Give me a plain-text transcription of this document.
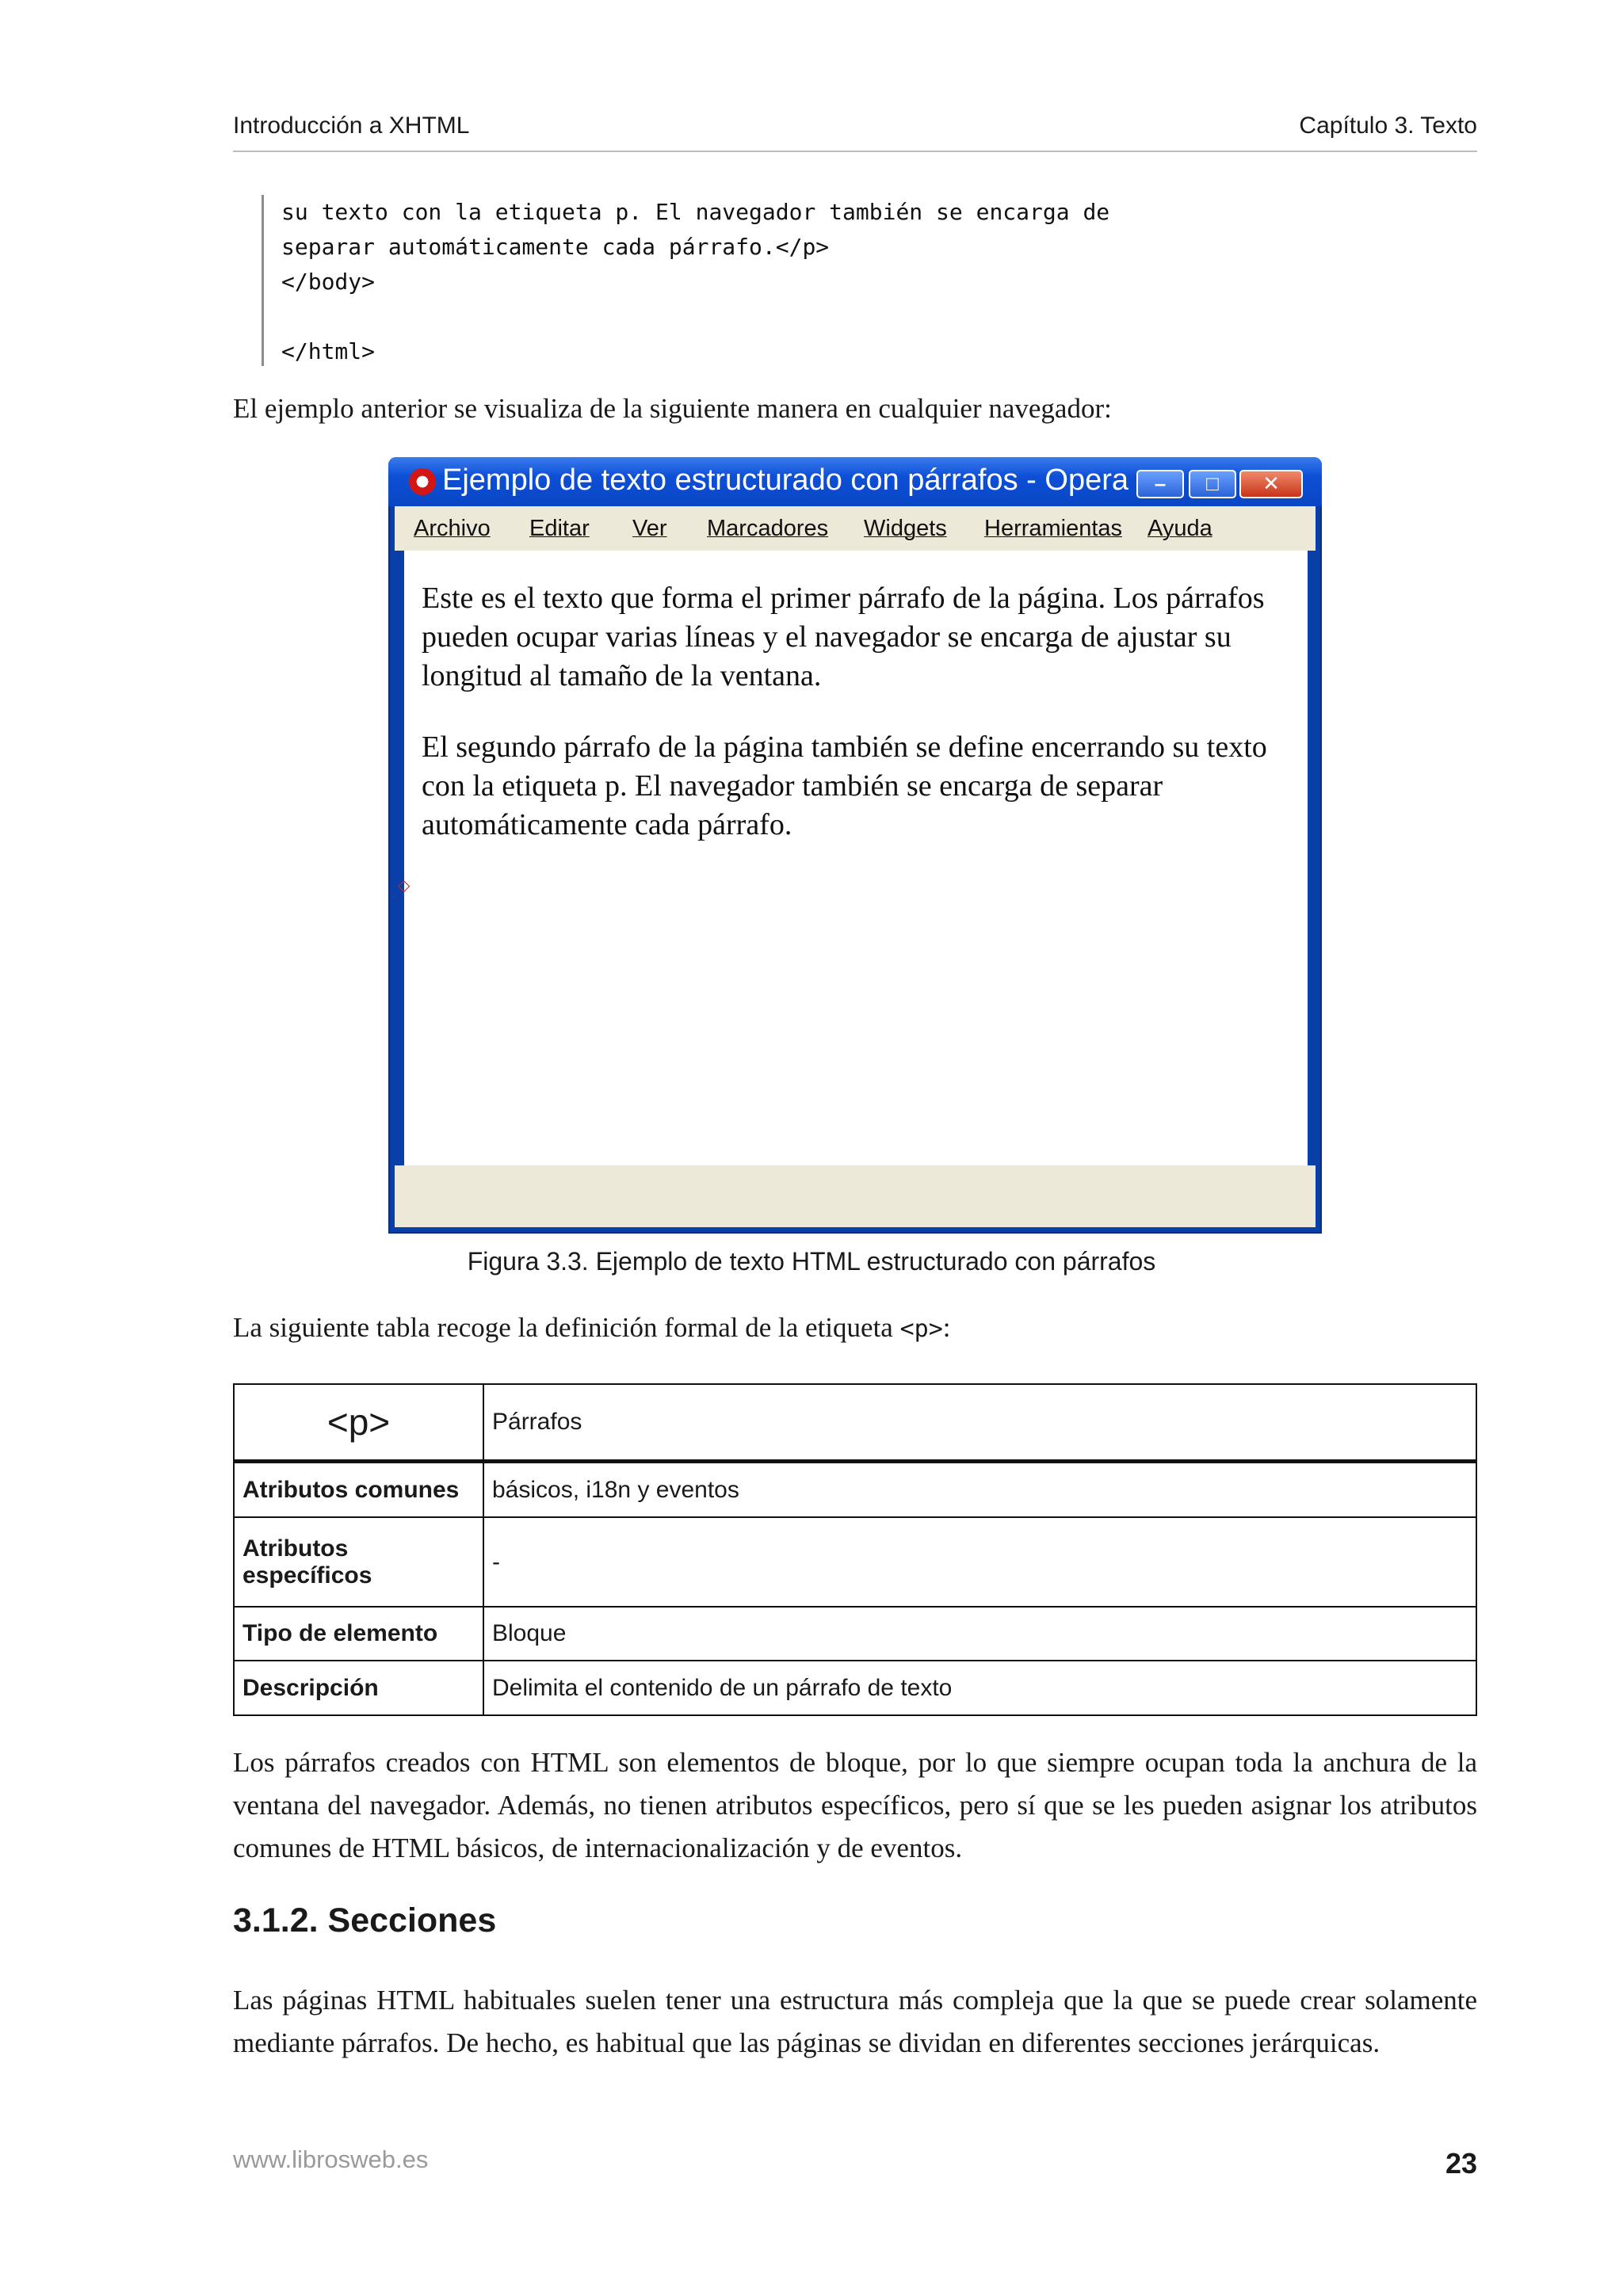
Introducción a XHTML	Capítulo 3. Texto
su texto con la etiqueta p. El navegador también se encarga de
separar automáticamente cada párrafo.</p>
</body>

</html>
El ejemplo anterior se visualiza de la siguiente manera en cualquier navegador:
Ejemplo de texto estructurado con párrafos - Opera	–	□	✕
Archivo Editar Ver Marcadores Widgets Herramientas Ayuda
◇
Este es el texto que forma el primer párrafo de la página. Los párrafos pueden ocupar varias líneas y el navegador se encarga de ajustar su longitud al tamaño de la ventana.
El segundo párrafo de la página también se define encerrando su texto con la etiqueta p. El navegador también se encarga de separar automáticamente cada párrafo.
Figura 3.3. Ejemplo de texto HTML estructurado con párrafos
La siguiente tabla recoge la definición formal de la etiqueta <p>:
<p>	Párrafos
Atributos comunes	básicos, i18n y eventos
Atributos específicos	-
Tipo de elemento	Bloque
Descripción	Delimita el contenido de un párrafo de texto
Los párrafos creados con HTML son elementos de bloque, por lo que siempre ocupan toda la anchura de la ventana del navegador. Además, no tienen atributos específicos, pero sí que se les pueden asignar los atributos comunes de HTML básicos, de internacionalización y de eventos.
3.1.2. Secciones
Las páginas HTML habituales suelen tener una estructura más compleja que la que se puede crear solamente mediante párrafos. De hecho, es habitual que las páginas se dividan en diferentes secciones jerárquicas.
www.librosweb.es	23
